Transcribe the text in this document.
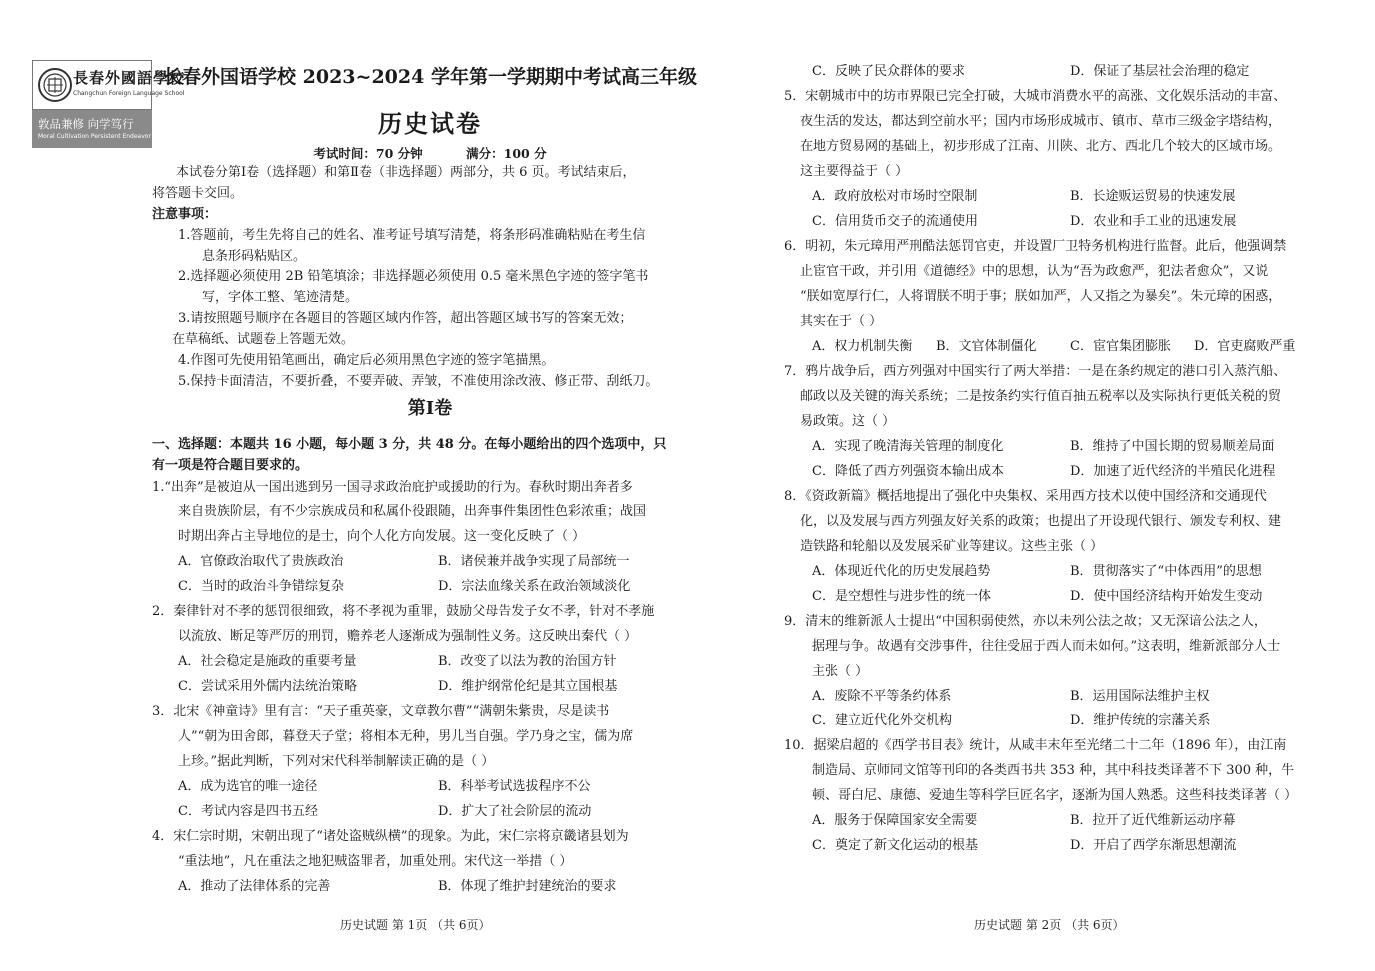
長春外國語學校
Changchun Foreign Language School
敦品兼修 向学笃行
Moral Cultivation Persistent Endeavor
长春外国语学校 2023~2024 学年第一学期期中考试高三年级
历史试卷
考试时间：70 分钟          满分：100 分
本试卷分第Ⅰ卷（选择题）和第Ⅱ卷（非选择题）两部分，共 6 页。考试结束后，
将答题卡交回。
注意事项：
1.答题前，考生先将自己的姓名、准考证号填写清楚，将条形码准确粘贴在考生信
息条形码粘贴区。
2.选择题必须使用 2B 铅笔填涂；非选择题必须使用 0.5 毫米黑色字迹的签字笔书
写，字体工整、笔迹清楚。
3.请按照题号顺序在各题目的答题区域内作答，超出答题区域书写的答案无效；
在草稿纸、试题卷上答题无效。
4.作图可先使用铅笔画出，确定后必须用黑色字迹的签字笔描黑。
5.保持卡面清洁，不要折叠，不要弄破、弄皱，不准使用涂改液、修正带、刮纸刀。
第Ⅰ卷
一、选择题：本题共 16 小题，每小题 3 分，共 48 分。在每小题给出的四个选项中，只
有一项是符合题目要求的。
1.“出奔”是被迫从一国出逃到另一国寻求政治庇护或援助的行为。春秋时期出奔者多
来自贵族阶层，有不少宗族成员和私属仆役跟随，出奔事件集团性色彩浓重；战国
时期出奔占主导地位的是士，向个人化方向发展。这一变化反映了（ ）
A．官僚政治取代了贵族政治	B．诸侯兼并战争实现了局部统一
C．当时的政治斗争错综复杂	D．宗法血缘关系在政治领域淡化
2．秦律针对不孝的惩罚很细致，将不孝视为重罪，鼓励父母告发子女不孝，针对不孝施
以流放、断足等严厉的刑罚，赡养老人逐渐成为强制性义务。这反映出秦代（ ）
A．社会稳定是施政的重要考量	B．改变了以法为教的治国方针
C．尝试采用外儒内法统治策略	D．维护纲常伦纪是其立国根基
3．北宋《神童诗》里有言：“天子重英豪，文章教尔曹”“满朝朱紫贵，尽是读书
人”“朝为田舍郎，暮登天子堂；将相本无种，男儿当自强。学乃身之宝，儒为席
上珍。”据此判断，下列对宋代科举制解读正确的是（ ）
A．成为选官的唯一途径	B．科举考试选拔程序不公
C．考试内容是四书五经	D．扩大了社会阶层的流动
4．宋仁宗时期，宋朝出现了“诸处盗贼纵横”的现象。为此，宋仁宗将京畿诸县划为
“重法地”，凡在重法之地犯贼盗罪者，加重处刑。宋代这一举措（ ）
A．推动了法律体系的完善	B．体现了维护封建统治的要求
历史试题 第 1页 （共 6页）
C．反映了民众群体的要求	D．保证了基层社会治理的稳定
5．宋朝城市中的坊市界限已完全打破，大城市消费水平的高涨、文化娱乐活动的丰富、
夜生活的发达，都达到空前水平；国内市场形成城市、镇市、草市三级金字塔结构，
在地方贸易网的基础上，初步形成了江南、川陕、北方、西北几个较大的区域市场。
这主要得益于（ ）
A．政府放松对市场时空限制	B．长途贩运贸易的快速发展
C．信用货币交子的流通使用	D．农业和手工业的迅速发展
6．明初，朱元璋用严刑酷法惩罚官吏，并设置厂卫特务机构进行监督。此后，他强调禁
止宦官干政，并引用《道德经》中的思想，认为“吾为政愈严，犯法者愈众”，又说
“朕如宽厚行仁，人将谓朕不明于事；朕如加严，人又指之为暴矣”。朱元璋的困惑，
其实在于（ ）
A．权力机制失衡 B．文官体制僵化	C．宦官集团膨胀 D．官吏腐败严重
7．鸦片战争后，西方列强对中国实行了两大举措：一是在条约规定的港口引入蒸汽船、
邮政以及关键的海关系统；二是按条约实行值百抽五税率以及实际执行更低关税的贸
易政策。这（ ）
A．实现了晚清海关管理的制度化	B．维持了中国长期的贸易顺差局面
C．降低了西方列强资本输出成本	D．加速了近代经济的半殖民化进程
8．《资政新篇》概括地提出了强化中央集权、采用西方技术以使中国经济和交通现代
化，以及发展与西方列强友好关系的政策；也提出了开设现代银行、颁发专利权、建
造铁路和轮船以及发展采矿业等建议。这些主张（ ）
A．体现近代化的历史发展趋势	B．贯彻落实了“中体西用”的思想
C．是空想性与进步性的统一体	D．使中国经济结构开始发生变动
9．清末的维新派人士提出“中国积弱使然，亦以未列公法之故；又无深谙公法之人，
据理与争。故遇有交涉事件，往往受屈于西人而未如何。”这表明，维新派部分人士
主张（ ）
A．废除不平等条约体系	B．运用国际法维护主权
C．建立近代化外交机构	D．维护传统的宗藩关系
10．据梁启超的《西学书目表》统计，从咸丰末年至光绪二十二年（1896 年），由江南
制造局、京师同文馆等刊印的各类西书共 353 种，其中科技类译著不下 300 种，牛
顿、哥白尼、康德、爱迪生等科学巨匠名字，逐渐为国人熟悉。这些科技类译著（ ）
A．服务于保障国家安全需要	B．拉开了近代维新运动序幕
C．奠定了新文化运动的根基	D．开启了西学东渐思想潮流
历史试题 第 2页 （共 6页）
